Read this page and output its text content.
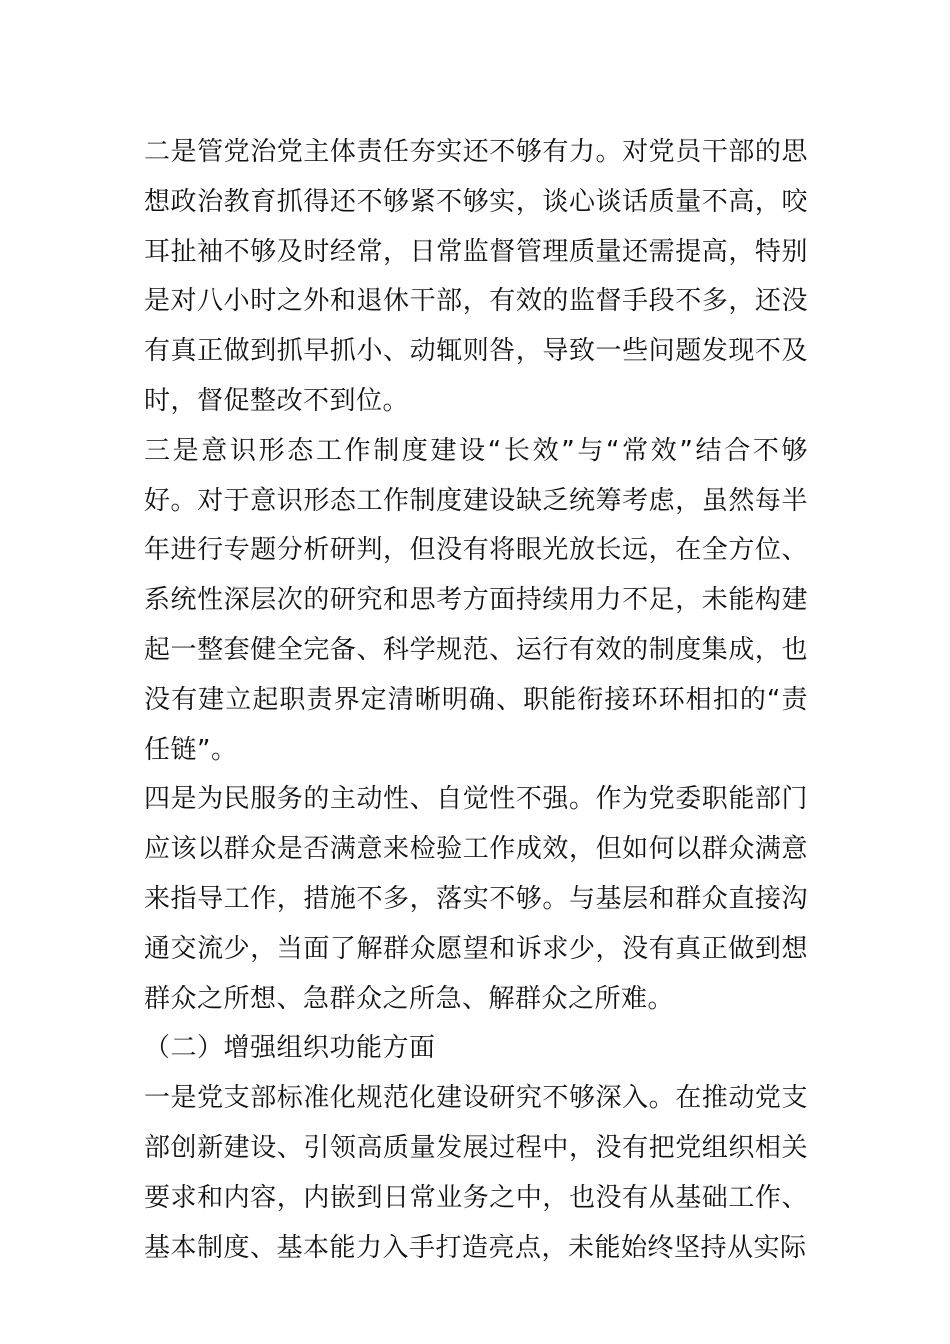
二是管党治党主体责任夯实还不够有力。对党员干部的思想政治教育抓得还不够紧不够实，谈心谈话质量不高，咬耳扯袖不够及时经常，日常监督管理质量还需提高，特别是对八小时之外和退休干部，有效的监督手段不多，还没有真正做到抓早抓小、动辄则咎，导致一些问题发现不及时，督促整改不到位。

三是意识形态工作制度建设“长效”与“常效”结合不够好。对于意识形态工作制度建设缺乏统筹考虑，虽然每半年进行专题分析研判，但没有将眼光放长远，在全方位、系统性深层次的研究和思考方面持续用力不足，未能构建起一整套健全完备、科学规范、运行有效的制度集成，也没有建立起职责界定清晰明确、职能衔接环环相扣的“责任链”。

四是为民服务的主动性、自觉性不强。作为党委职能部门应该以群众是否满意来检验工作成效，但如何以群众满意来指导工作，措施不多，落实不够。与基层和群众直接沟通交流少，当面了解群众愿望和诉求少，没有真正做到想群众之所想、急群众之所急、解群众之所难。

（二）增强组织功能方面

一是党支部标准化规范化建设研究不够深入。在推动党支部创新建设、引领高质量发展过程中，没有把党组织相关要求和内容，内嵌到日常业务之中，也没有从基础工作、基本制度、基本能力入手打造亮点，未能始终坚持从实际
